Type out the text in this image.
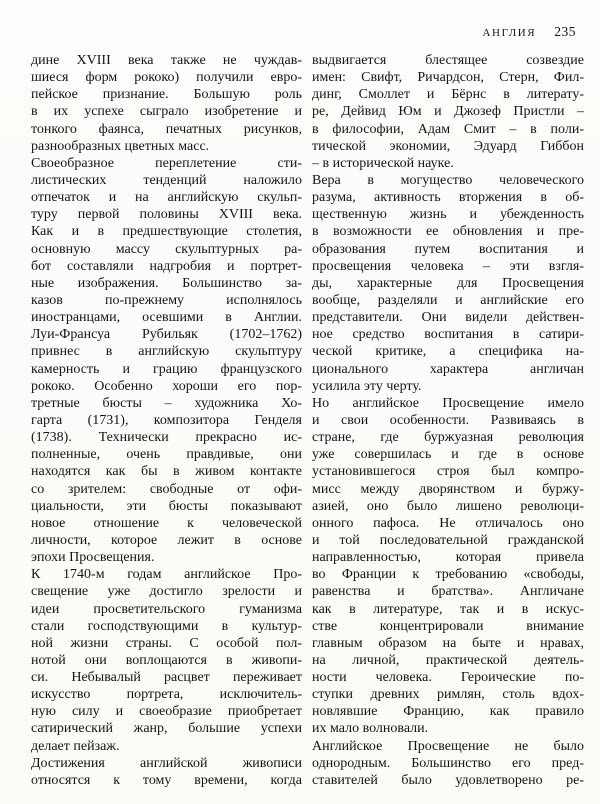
АНГЛИЯ 235
дине XVIII века также не чуждав-
шиеся форм рококо) получили евро-
пейское признание. Большую роль
в их успехе сыграло изобретение и
тонкого фаянса, печатных рисунков,
разнообразных цветных масс.
Своеобразное переплетение сти-
листических тенденций наложило
отпечаток и на английскую скульп-
туру первой половины XVIII века.
Как и в предшествующие столетия,
основную массу скульптурных ра-
бот составляли надгробия и портрет-
ные изображения. Большинство за-
казов по-прежнему исполнялось
иностранцами, осевшими в Англии.
Луи-Франсуа Рубильяк (1702–1762)
привнес в английскую скульптуру
камерность и грацию французского
рококо. Особенно хороши его пор-
третные бюсты – художника Хо-
гарта (1731), композитора Генделя
(1738). Технически прекрасно ис-
полненные, очень правдивые, они
находятся как бы в живом контакте
со зрителем: свободные от офи-
циальности, эти бюсты показывают
новое отношение к человеческой
личности, которое лежит в основе
эпохи Просвещения.
К 1740-м годам английское Про-
свещение уже достигло зрелости и
идеи просветительского гуманизма
стали господствующими в культур-
ной жизни страны. С особой пол-
нотой они воплощаются в живопи-
си. Небывалый расцвет переживает
искусство портрета, исключитель-
ную силу и своеобразие приобретает
сатирический жанр, большие успехи
делает пейзаж.
Достижения английской живописи
относятся к тому времени, когда
выдвигается блестящее созвездие
имен: Свифт, Ричардсон, Стерн, Фил-
динг, Смоллет и Бёрнс в литерату-
ре, Дейвид Юм и Джозеф Пристли –
в философии, Адам Смит – в поли-
тической экономии, Эдуард Гиббон
– в исторической науке.
Вера в могущество человеческого
разума, активность вторжения в об-
щественную жизнь и убежденность
в возможности ее обновления и пре-
образования путем воспитания и
просвещения человека – эти взгля-
ды, характерные для Просвещения
вообще, разделяли и английские его
представители. Они видели действен-
ное средство воспитания в сатири-
ческой критике, а специфика на-
ционального характера англичан
усилила эту черту.
Но английское Просвещение имело
и свои особенности. Развиваясь в
стране, где буржуазная революция
уже совершилась и где в основе
установившегося строя был компро-
мисс между дворянством и буржу-
азией, оно было лишено революци-
онного пафоса. Не отличалось оно
и той последовательной гражданской
направленностью, которая привела
во Франции к требованию «свободы,
равенства и братства». Англичане
как в литературе, так и в искус-
стве концентрировали внимание
главным образом на быте и нравах,
на личной, практической деятель-
ности человека. Героические по-
ступки древних римлян, столь вдох-
новлявшие Францию, как правило
их мало волновали.
Английское Просвещение не было
однородным. Большинство его пред-
ставителей было удовлетворено ре-
